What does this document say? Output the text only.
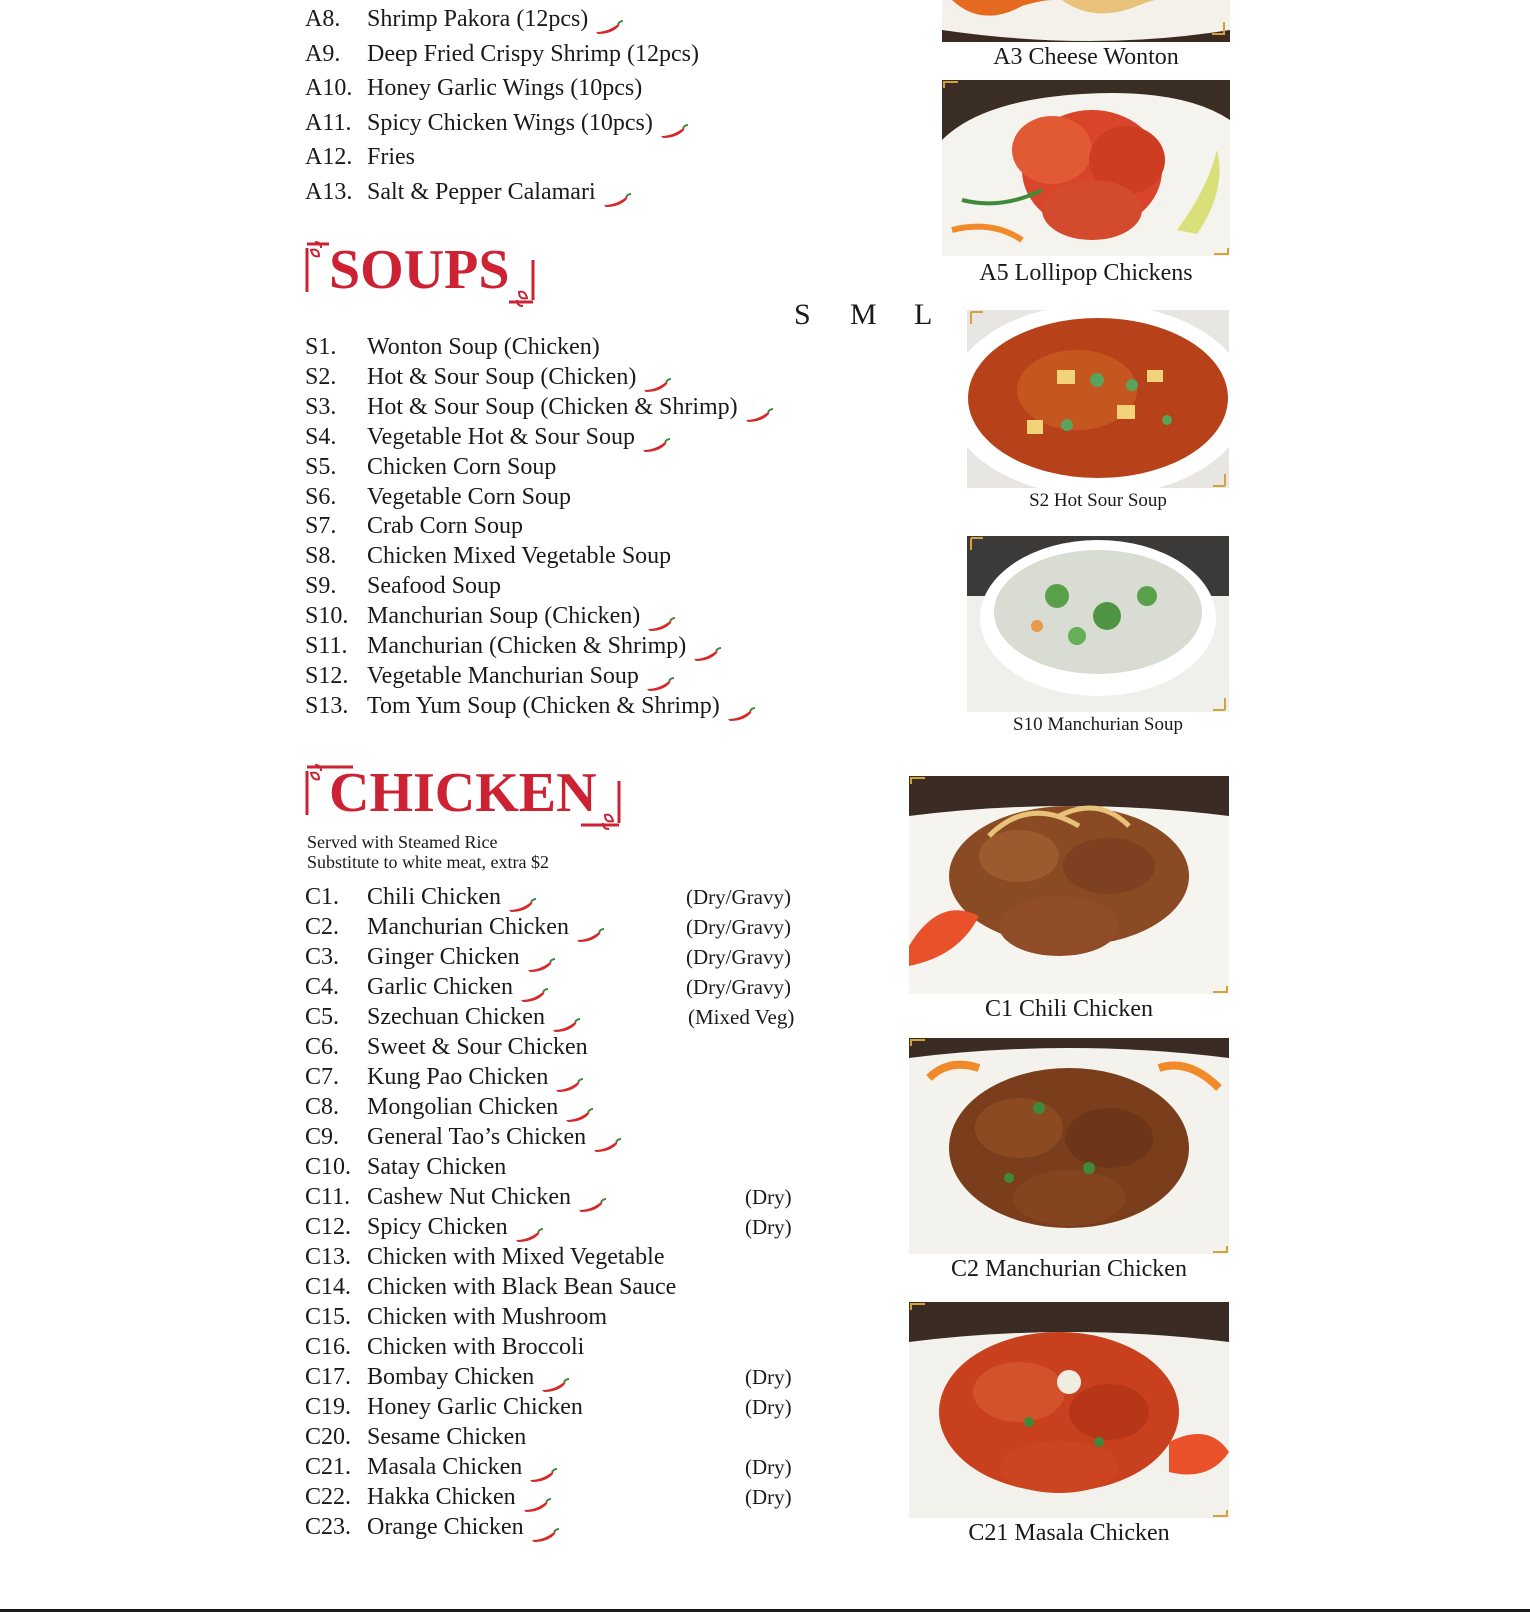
A8.	Shrimp Pakora (12pcs)
A9.	Deep Fried Crispy Shrimp (12pcs)
A10. Honey Garlic Wings (10pcs)
A11. Spicy Chicken Wings (10pcs)
A12. Fries
A13. Salt & Pepper Calamari
SOUPS
S M L
S1.	Wonton Soup (Chicken)
S2.	Hot & Sour Soup (Chicken)
S3.	Hot & Sour Soup (Chicken & Shrimp)
S4.	Vegetable Hot & Sour Soup
S5.	Chicken Corn Soup
S6.	Vegetable Corn Soup
S7.	Crab Corn Soup
S8.	Chicken Mixed Vegetable Soup
S9.	Seafood Soup
S10. Manchurian Soup (Chicken)
S11. Manchurian (Chicken & Shrimp)
S12. Vegetable Manchurian Soup
S13. Tom Yum Soup (Chicken & Shrimp)
CHICKEN
Served with Steamed Rice
Substitute to white meat, extra $2
C1.	Chili Chicken	(Dry/Gravy)
C2.	Manchurian Chicken	(Dry/Gravy)
C3.	Ginger Chicken	(Dry/Gravy)
C4.	Garlic Chicken	(Dry/Gravy)
C5.	Szechuan Chicken	(Mixed Veg)
C6.	Sweet & Sour Chicken
C7.	Kung Pao Chicken
C8.	Mongolian Chicken
C9.	General Tao’s Chicken
C10. Satay Chicken
C11. Cashew Nut Chicken	(Dry)
C12. Spicy Chicken	(Dry)
C13. Chicken with Mixed Vegetable
C14. Chicken with Black Bean Sauce
C15. Chicken with Mushroom
C16. Chicken with Broccoli
C17. Bombay Chicken	(Dry)
C19. Honey Garlic Chicken	(Dry)
C20. Sesame Chicken
C21. Masala Chicken	(Dry)
C22. Hakka Chicken	(Dry)
C23. Orange Chicken
A3 Cheese Wonton
A5 Lollipop Chickens
S2 Hot Sour Soup
S10 Manchurian Soup
C1 Chili Chicken
C2 Manchurian Chicken
C21 Masala Chicken
